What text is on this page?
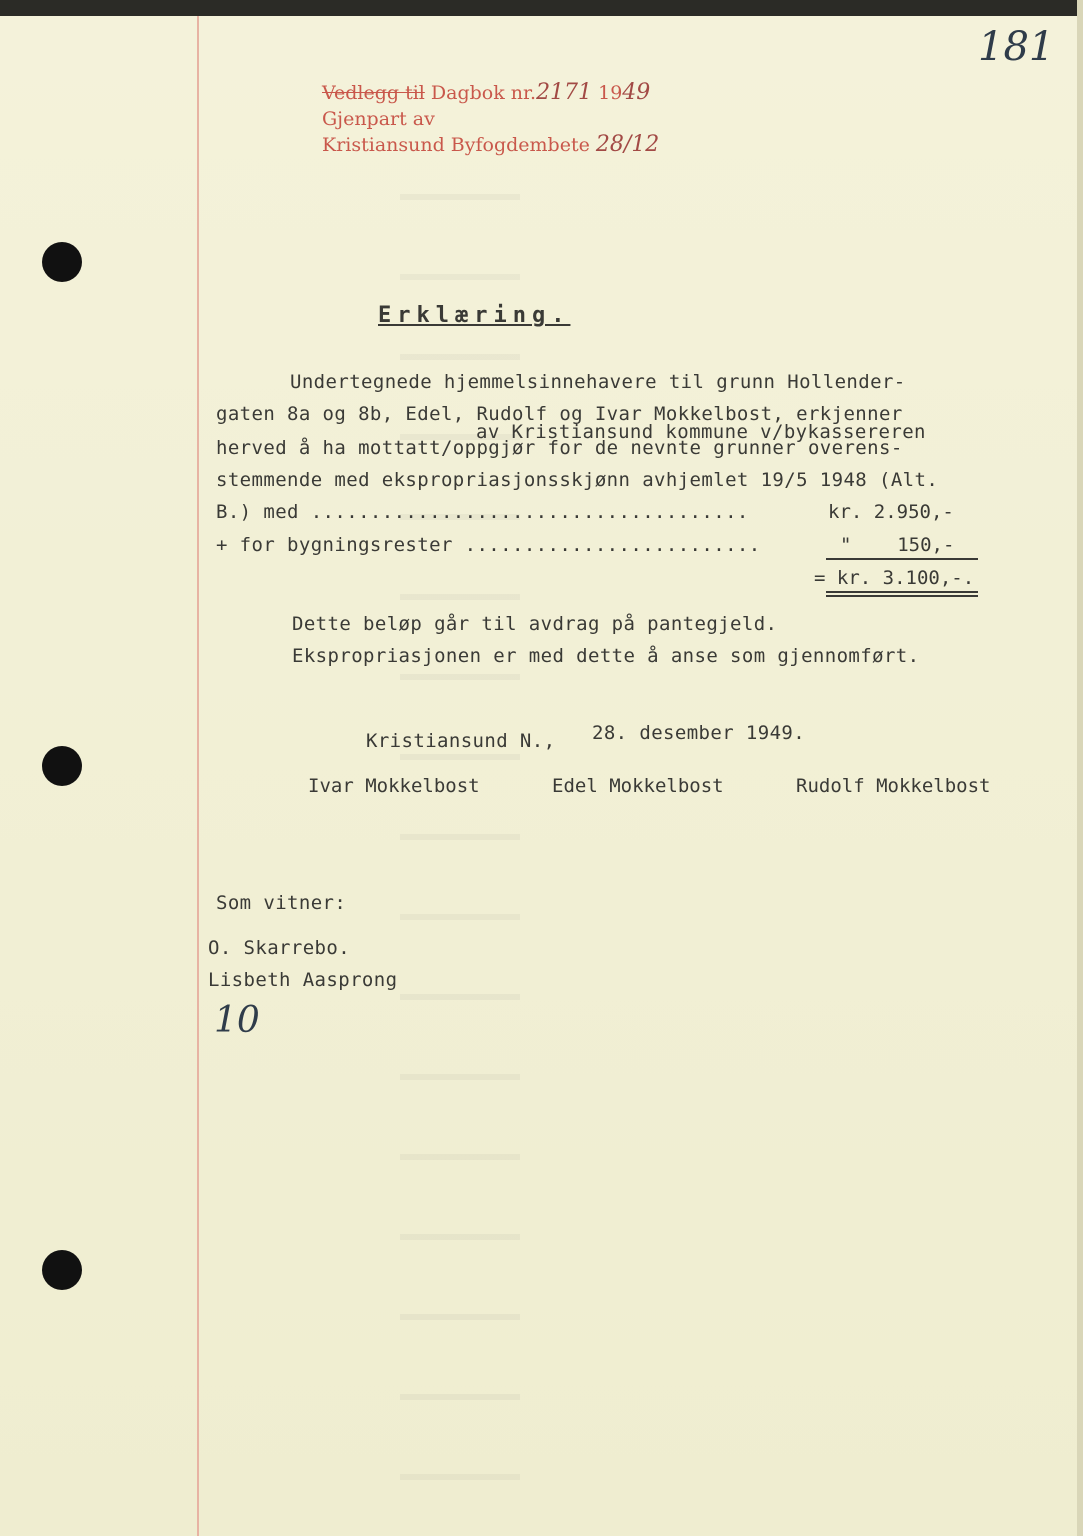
181
Vedlegg til Dagbok nr.2171 1949
Gjenpart av
Kristiansund Byfogdembete 28/12
Erklæring.
Undertegnede hjemmelsinnehavere til grunn Hollender-
gaten 8a og 8b, Edel, Rudolf og Ivar Mokkelbost, erkjenner
av Kristiansund kommune v/bykassereren
herved å ha mottatt/oppgjør for de nevnte grunner overens-
stemmende med ekspropriasjonsskjønn avhjemlet 19/5 1948 (Alt.
B.) med .....................................	kr. 2.950,-
+ for bygningsrester .........................	"    150,-
= kr. 3.100,-.
Dette beløp går til avdrag på pantegjeld.
Ekspropriasjonen er med dette å anse som gjennomført.
Kristiansund N., 28. desember 1949.
Ivar Mokkelbost	Edel Mokkelbost	Rudolf Mokkelbost
Som vitner:
O. Skarrebo.
Lisbeth Aasprong
10
